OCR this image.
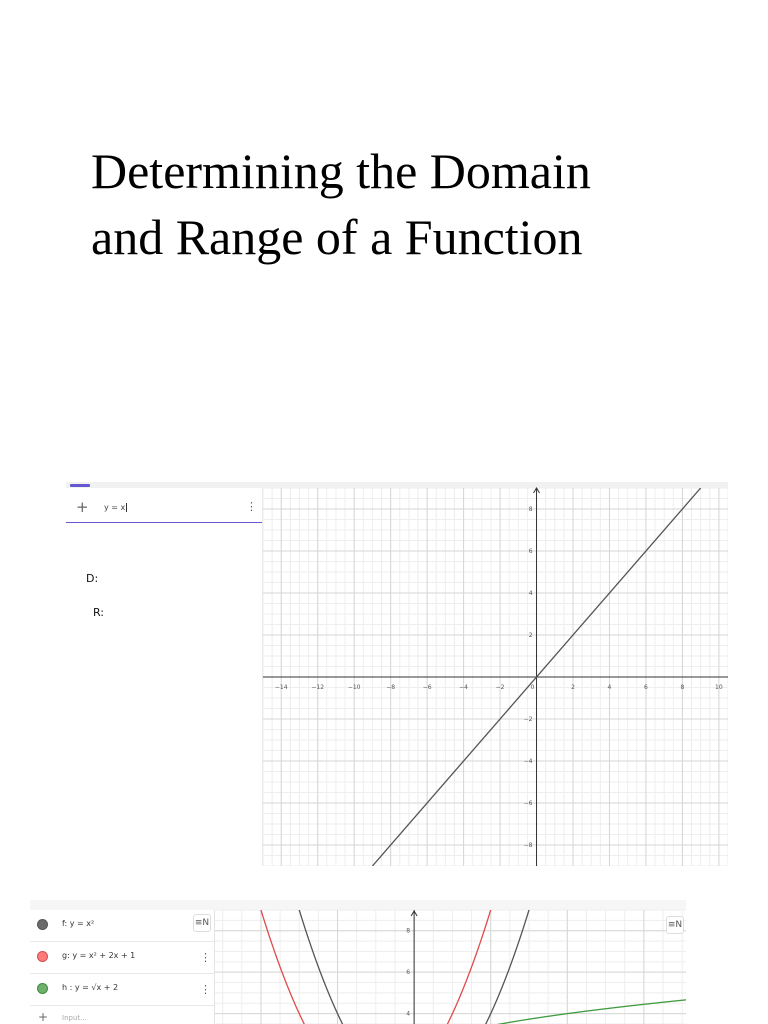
Determining the Domain
and Range of a Function
+ y = x	⋮
D:
R:
−14	−12	−10	−8	−6	−4	−2	0	2	4	6	8	10
−8
−6
−4
−2
2
4
6
8
4
6
8
f: y = x²
g: y = x² + 2x + 1	⋮
h : y = √x + 2	⋮
+ Input...
≡N	≡N
